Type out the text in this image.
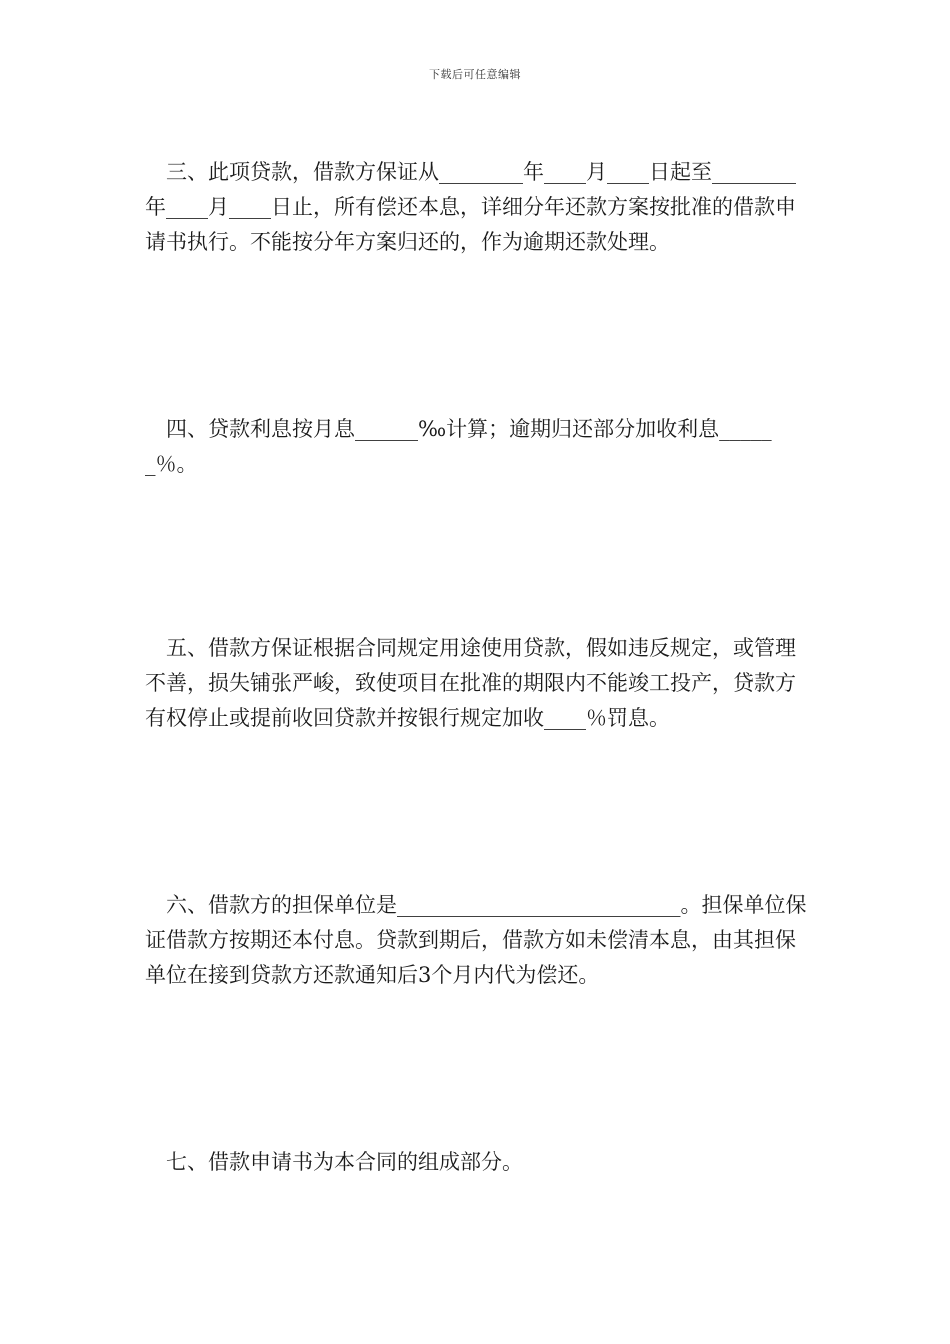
下载后可任意编辑

三、此项贷款，借款方保证从________年____月____日起至________年____月____日止，所有偿还本息，详细分年还款方案按批准的借款申请书执行。不能按分年方案归还的，作为逾期还款处理。

四、贷款利息按月息______‰计算；逾期归还部分加收利息______％。

五、借款方保证根据合同规定用途使用贷款，假如违反规定，或管理不善，损失铺张严峻，致使项目在批准的期限内不能竣工投产，贷款方有权停止或提前收回贷款并按银行规定加收____％罚息。

六、借款方的担保单位是___________________________。担保单位保证借款方按期还本付息。贷款到期后，借款方如未偿清本息，由其担保单位在接到贷款方还款通知后3个月内代为偿还。

七、借款申请书为本合同的组成部分。
